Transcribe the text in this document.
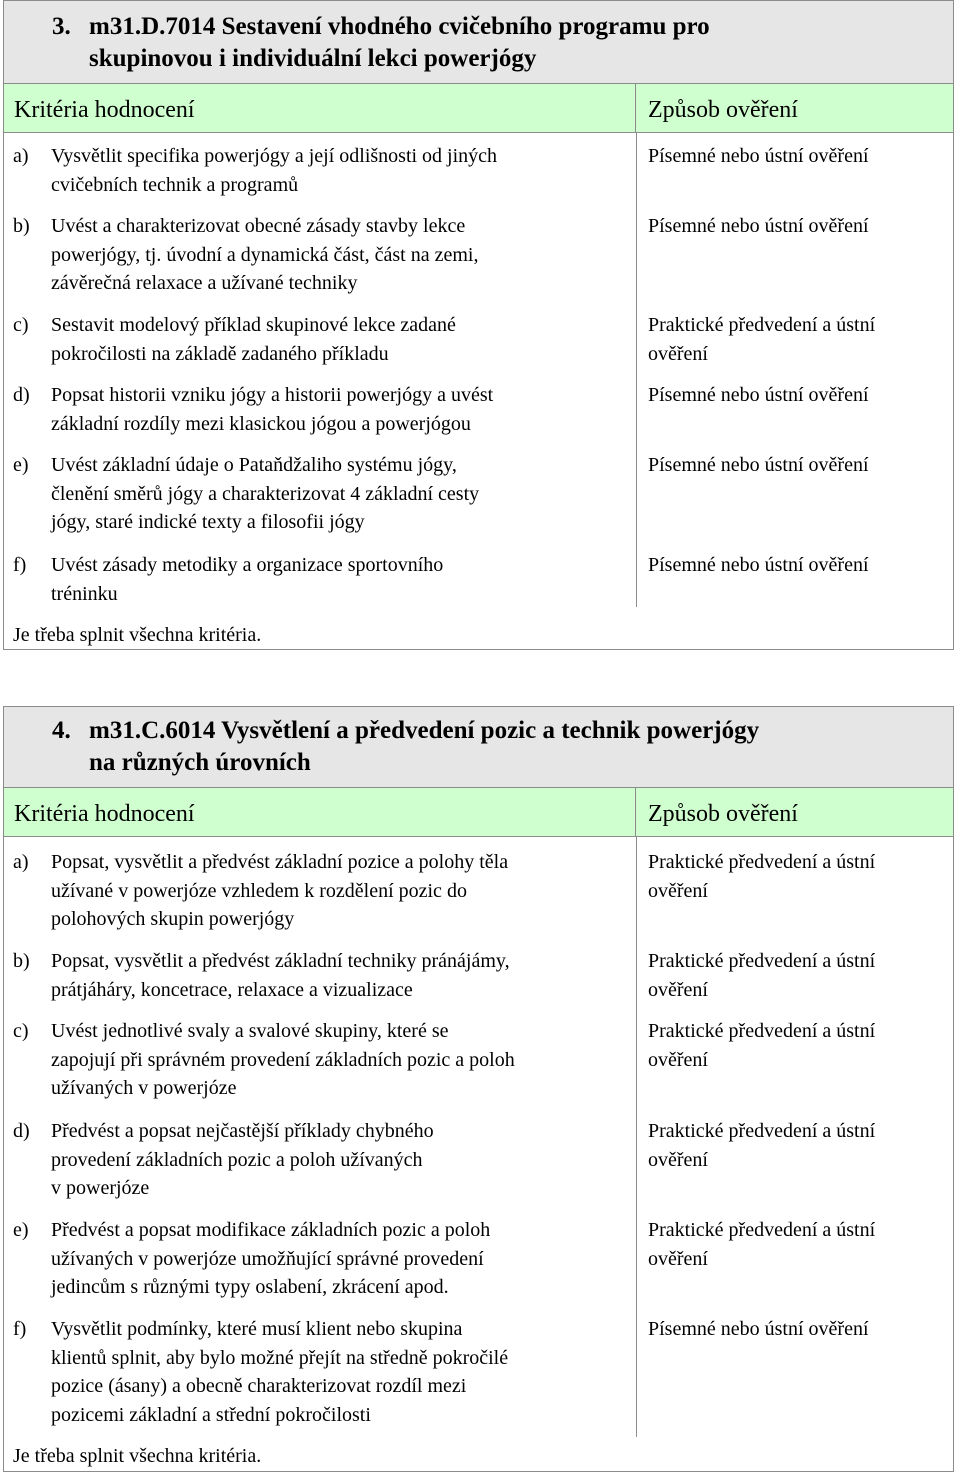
3. m31.D.7014 Sestavení vhodného cvičebního programu pro
skupinovou i individuální lekci powerjógy
Kritéria hodnocení	Způsob ověření
a) Vysvětlit specifika powerjógy a její odlišnosti od jiných
cvičebních technik a programů
Písemné nebo ústní ověření
b) Uvést a charakterizovat obecné zásady stavby lekce
powerjógy, tj. úvodní a dynamická část, část na zemi,
závěrečná relaxace a užívané techniky
Písemné nebo ústní ověření
c) Sestavit modelový příklad skupinové lekce zadané
pokročilosti na základě zadaného příkladu
Praktické předvedení a ústní
ověření
d) Popsat historii vzniku jógy a historii powerjógy a uvést
základní rozdíly mezi klasickou jógou a powerjógou
Písemné nebo ústní ověření
e) Uvést základní údaje o Pataňdžaliho systému jógy,
členění směrů jógy a charakterizovat 4 základní cesty
jógy, staré indické texty a filosofii jógy
Písemné nebo ústní ověření
f) Uvést zásady metodiky a organizace sportovního
tréninku
Písemné nebo ústní ověření
Je třeba splnit všechna kritéria.
4. m31.C.6014 Vysvětlení a předvedení pozic a technik powerjógy
na různých úrovních
Kritéria hodnocení	Způsob ověření
a) Popsat, vysvětlit a předvést základní pozice a polohy těla
užívané v powerjóze vzhledem k rozdělení pozic do
polohových skupin powerjógy
Praktické předvedení a ústní
ověření
b) Popsat, vysvětlit a předvést základní techniky pránájámy,
prátjáháry, koncetrace, relaxace a vizualizace
Praktické předvedení a ústní
ověření
c) Uvést jednotlivé svaly a svalové skupiny, které se
zapojují při správném provedení základních pozic a poloh
užívaných v powerjóze
Praktické předvedení a ústní
ověření
d) Předvést a popsat nejčastější příklady chybného
provedení základních pozic a poloh užívaných
v powerjóze
Praktické předvedení a ústní
ověření
e) Předvést a popsat modifikace základních pozic a poloh
užívaných v powerjóze umožňující správné provedení
jedincům s různými typy oslabení, zkrácení apod.
Praktické předvedení a ústní
ověření
f) Vysvětlit podmínky, které musí klient nebo skupina
klientů splnit, aby bylo možné přejít na středně pokročilé
pozice (ásany) a obecně charakterizovat rozdíl mezi
pozicemi základní a střední pokročilosti
Písemné nebo ústní ověření
Je třeba splnit všechna kritéria.
